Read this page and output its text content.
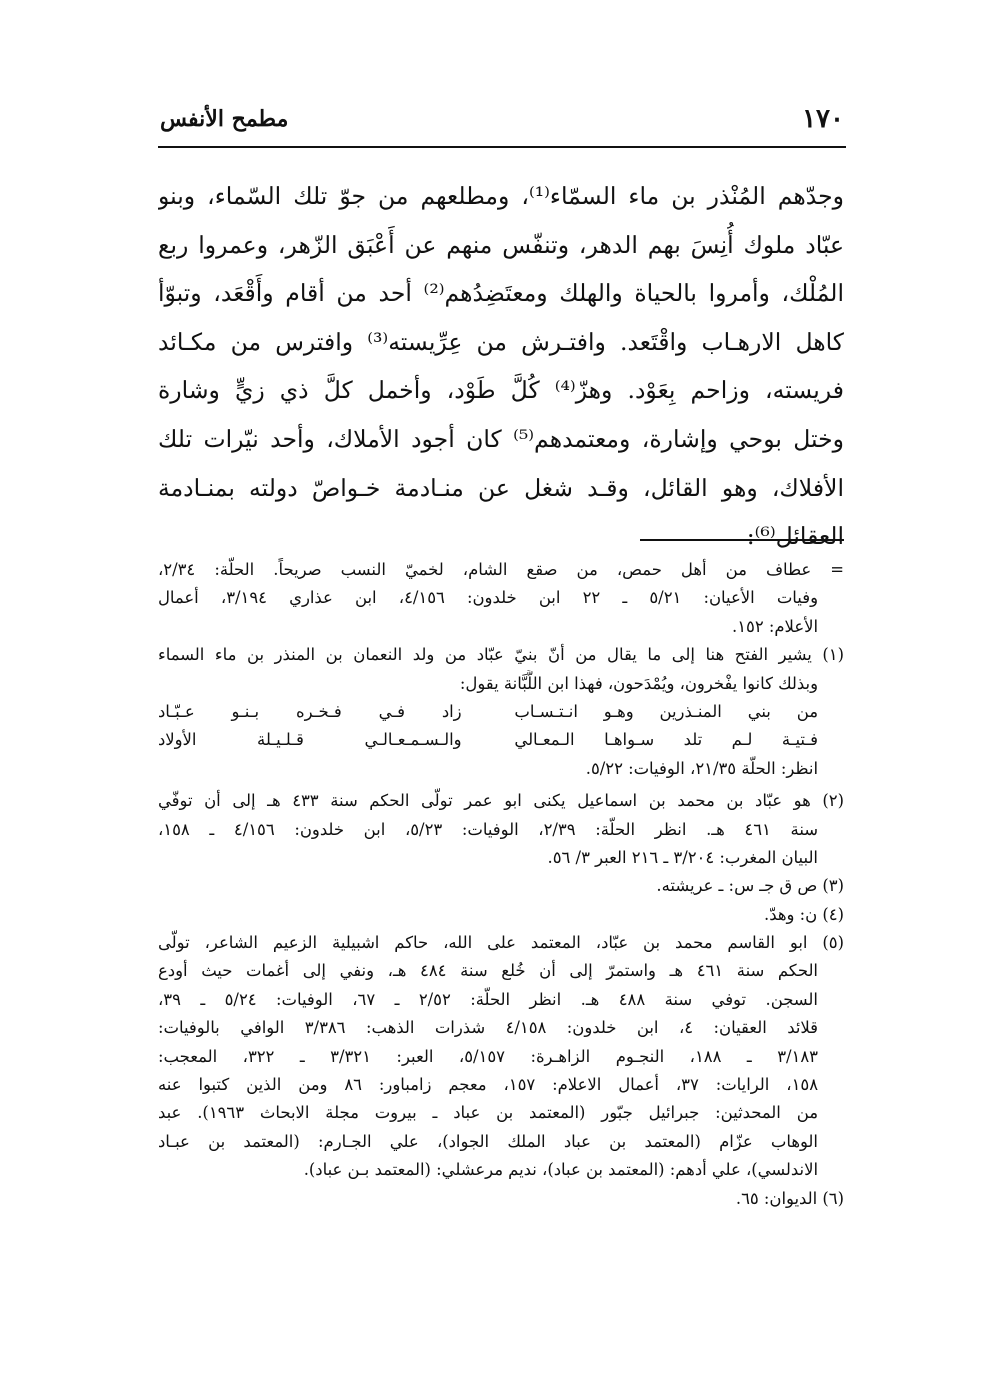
١٧٠
مطمح الأنفس
وجدّهم المُنْذر بن ماء السمّاء⁽¹⁾، ومطلعهم من جوّ تلك السّماء، وبنو
عبّاد ملوك أُنِسَ بهم الدهر، وتنفّس منهم عن أَعْبَق الزّهر، وعمروا ربع
المُلْك، وأمروا بالحياة والهلك ومعتَضِدُهم⁽²⁾ أحد من أقام وأَقْعَد، وتبوّأ
كاهل الارهـاب واقْتَعد. وافتـرش من عِرِّيسته⁽³⁾ وافترس من مكـائد
فريسته، وزاحم بِعَوْد. وهزّ⁽⁴⁾ كُلَّ طَوْد، وأخمل كلَّ ذي زيٍّ وشارة
وختل بوحي وإشارة، ومعتمدهم⁽⁵⁾ كان أجود الأملاك، وأحد نيّرات تلك
الأفلاك، وهو القائل، وقـد شغل عن منـادمة خـواصّ دولته بمنـادمة
العقائل⁽⁶⁾:
= عطاف من أهل حمص، من صقع الشام، لخميّ النسب صريحاً. الحلّة: ٢/٣٤،
وفيات الأعيان: ٥/٢١ ـ ٢٢ ابن خلدون: ٤/١٥٦، ابن عذاري ٣/١٩٤، أعمال
الأعلام: ١٥٢.
(١) يشير الفتح هنا إلى ما يقال من أنّ بنيّ عبّاد من ولد النعمان بن المنذر بن ماء السماء
وبذلك كانوا يفْخرون، ويُمْدَحون، فهذا ابن اللَّبَّانة يقول:
من بني المنـذرين وهـو انـتـسـاب
زاد فـي فـخـره بـنـو عـبّـاد
فـتيـة لـم تلد سـواهـا الـمعـالي
والـسـمـعـالـي قـلـيـلة الأولاد
انظر: الحلّة ٢١/٣٥، الوفيات: ٥/٢٢.
(٢) هو عبّاد بن محمد بن اسماعيل يكنى ابو عمر تولّى الحكم سنة ٤٣٣ هـ إلى أن توفّي
سنة ٤٦١ هـ. انظر الحلّة: ٢/٣٩، الوفيات: ٥/٢٣، ابن خلدون: ٤/١٥٦ ـ ١٥٨،
البيان المغرب: ٣/٢٠٤ ـ ٢١٦ العبر ٣/ ٥٦.
(٣) ص ق جـ س: ـ عريشته.
(٤) ن: وهدّ.
(٥) ابو القاسم محمد بن عبّاد، المعتمد على الله، حاكم اشبيلية الزعيم الشاعر، تولّى
الحكم سنة ٤٦١ هـ واستمرّ إلى أن خُلع سنة ٤٨٤ هـ، ونفي إلى أغمات حيث أودع
السجن. توفي سنة ٤٨٨ هـ. انظر الحلّة: ٢/٥٢ ـ ٦٧، الوفيات: ٥/٢٤ ـ ٣٩،
قلائد العقيان: ٤، ابن خلدون: ٤/١٥٨ شذرات الذهب: ٣/٣٨٦ الوافي بالوفيات:
٣/١٨٣ ـ ١٨٨، النجـوم الزاهـرة: ٥/١٥٧، العبر: ٣/٣٢١ ـ ٣٢٢، المعجب:
١٥٨، الرايات: ٣٧، أعمال الاعلام: ١٥٧، معجم زامباور: ٨٦ ومن الذين كتبوا عنه
من المحدثين: جبرائيل جبّور (المعتمد بن عباد ـ بيروت مجلة الابحاث ١٩٦٣). عبد
الوهاب عزّام (المعتمد بن عباد الملك الجواد)، علي الجـارم: (المعتمد بن عبـاد
الاندلسي)، علي أدهم: (المعتمد بن عباد)، نديم مرعشلي: (المعتمد بـن عباد).
(٦) الديوان: ٦٥.
